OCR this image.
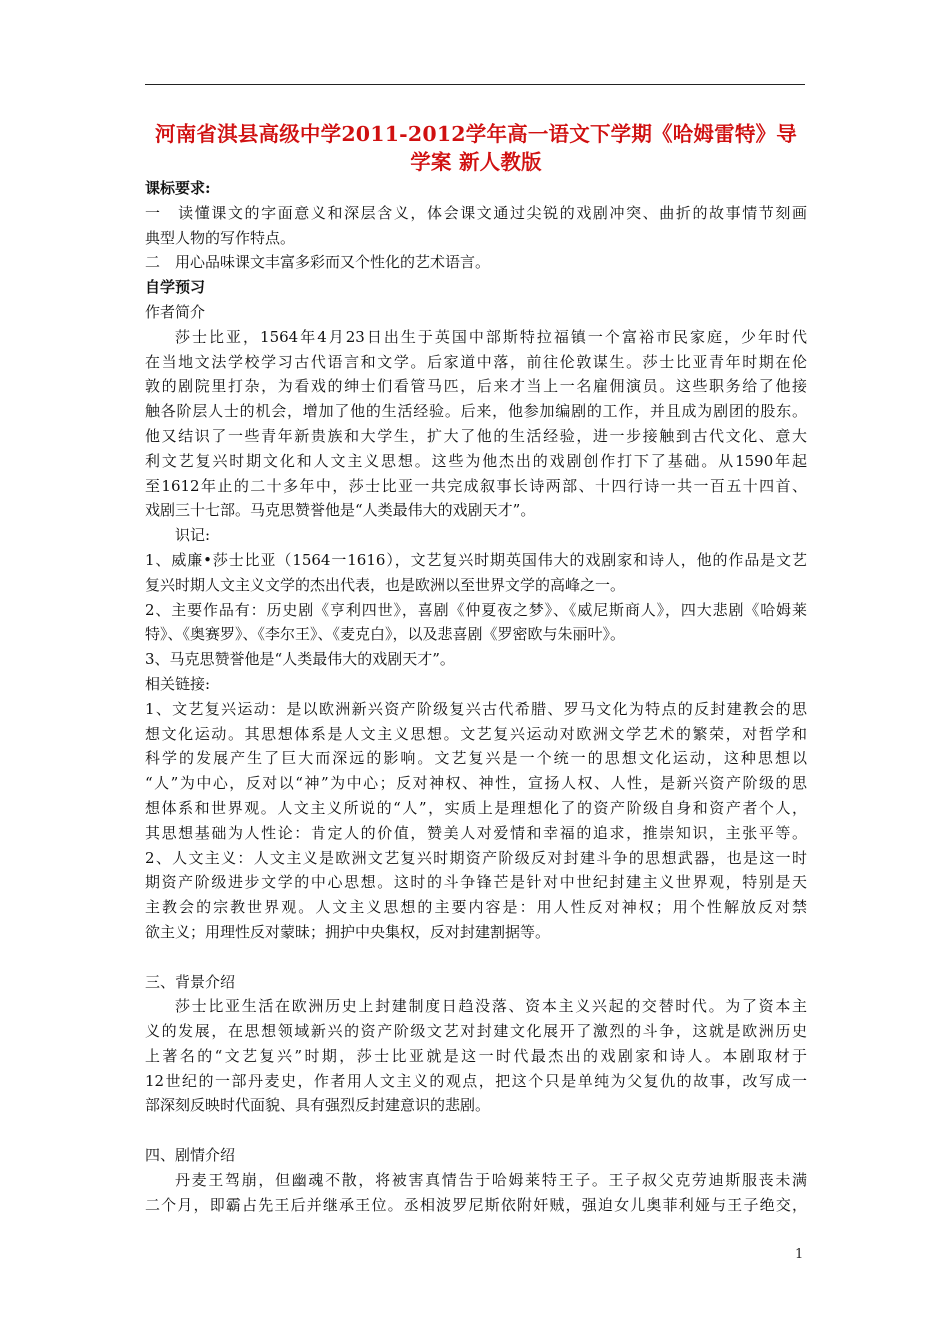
河南省淇县高级中学2011-2012学年高一语文下学期《哈姆雷特》导
学案 新人教版
课标要求:
一　读懂课文的字面意义和深层含义，体会课文通过尖锐的戏剧冲突、曲折的故事情节刻画
典型人物的写作特点。
二　用心品味课文丰富多彩而又个性化的艺术语言。
自学预习
作者简介
莎士比亚，1564年4月23日出生于英国中部斯特拉福镇一个富裕市民家庭，少年时代
在当地文法学校学习古代语言和文学。后家道中落，前往伦敦谋生。莎士比亚青年时期在伦
敦的剧院里打杂，为看戏的绅士们看管马匹，后来才当上一名雇佣演员。这些职务给了他接
触各阶层人士的机会，增加了他的生活经验。后来，他参加编剧的工作，并且成为剧团的股东。
他又结识了一些青年新贵族和大学生，扩大了他的生活经验，进一步接触到古代文化、意大
利文艺复兴时期文化和人文主义思想。这些为他杰出的戏剧创作打下了基础。从1590年起
至1612年止的二十多年中，莎士比亚一共完成叙事长诗两部、十四行诗一共一百五十四首、
戏剧三十七部。马克思赞誉他是“人类最伟大的戏剧天才”。
识记:
1、威廉•莎士比亚（1564一1616），文艺复兴时期英国伟大的戏剧家和诗人，他的作品是文艺
复兴时期人文主义文学的杰出代表，也是欧洲以至世界文学的高峰之一。
2、主要作品有：历史剧《亨利四世》，喜剧《仲夏夜之梦》、《威尼斯商人》，四大悲剧《哈姆莱
特》、《奥赛罗》、《李尔王》、《麦克白》，以及悲喜剧《罗密欧与朱丽叶》。
3、马克思赞誉他是“人类最伟大的戏剧天才”。
相关链接:
1、文艺复兴运动：是以欧洲新兴资产阶级复兴古代希腊、罗马文化为特点的反封建教会的思
想文化运动。其思想体系是人文主义思想。文艺复兴运动对欧洲文学艺术的繁荣，对哲学和
科学的发展产生了巨大而深远的影响。文艺复兴是一个统一的思想文化运动，这种思想以
“人”为中心，反对以“神”为中心；反对神权、神性，宣扬人权、人性，是新兴资产阶级的思
想体系和世界观。人文主义所说的“人”，实质上是理想化了的资产阶级自身和资产者个人，
其思想基础为人性论：肯定人的价值，赞美人对爱情和幸福的追求，推崇知识，主张平等。
2、人文主义：人文主义是欧洲文艺复兴时期资产阶级反对封建斗争的思想武器，也是这一时
期资产阶级进步文学的中心思想。这时的斗争锋芒是针对中世纪封建主义世界观，特别是天
主教会的宗教世界观。人文主义思想的主要内容是：用人性反对神权；用个性解放反对禁
欲主义；用理性反对蒙昧；拥护中央集权，反对封建割据等。
三、背景介绍
莎士比亚生活在欧洲历史上封建制度日趋没落、资本主义兴起的交替时代。为了资本主
义的发展，在思想领域新兴的资产阶级文艺对封建文化展开了激烈的斗争，这就是欧洲历史
上著名的“文艺复兴”时期，莎士比亚就是这一时代最杰出的戏剧家和诗人。本剧取材于
12世纪的一部丹麦史，作者用人文主义的观点，把这个只是单纯为父复仇的故事，改写成一
部深刻反映时代面貌、具有强烈反封建意识的悲剧。
四、剧情介绍
丹麦王驾崩，但幽魂不散，将被害真情告于哈姆莱特王子。王子叔父克劳迪斯服丧未满
二个月，即霸占先王后并继承王位。丞相波罗尼斯依附奸贼，强迫女儿奥菲利娅与王子绝交，
1
